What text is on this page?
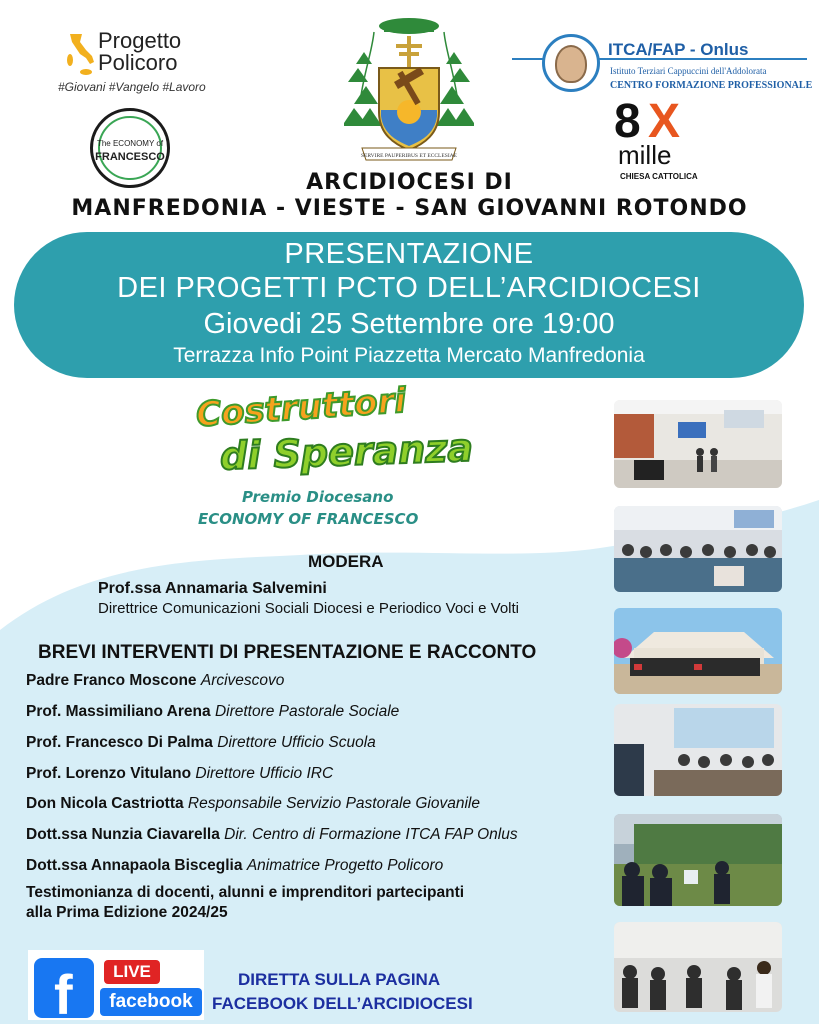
Progetto
Policoro
#Giovani #Vangelo #Lavoro
The ECONOMY of
FRANCESCO	SERVIRE PAUPERIBUS ET ECCLESIAE
ITCA/FAP - Onlus
Istituto Terziari Cappuccini dell'Addolorata
CENTRO FORMAZIONE PROFESSIONALE
8 X
mille
CHIESA CATTOLICA
ARCIDIOCESI DI
MANFREDONIA - VIESTE - SAN GIOVANNI ROTONDO
PRESENTAZIONE
DEI PROGETTI PCTO DELL’ARCIDIOCESI
Giovedi 25 Settembre ore 19:00
Terrazza Info Point Piazzetta Mercato Manfredonia
Costruttori
di Speranza
Premio Diocesano
ECONOMY OF FRANCESCO
MODERA
Prof.ssa Annamaria Salvemini
Direttrice Comunicazioni Sociali Diocesi e Periodico Voci e Volti
BREVI INTERVENTI DI PRESENTAZIONE E RACCONTO
Padre Franco Moscone Arcivescovo
Prof. Massimiliano Arena Direttore Pastorale Sociale
Prof. Francesco Di Palma Direttore Ufficio Scuola
Prof. Lorenzo Vitulano Direttore Ufficio IRC
Don Nicola Castriotta Responsabile Servizio Pastorale Giovanile
Dott.ssa Nunzia Ciavarella Dir. Centro di Formazione ITCA FAP Onlus
Dott.ssa Annapaola Bisceglia Animatrice Progetto Policoro
Testimonianza di docenti, alunni e imprenditori partecipanti
alla Prima Edizione 2024/25
f	LIVE
facebook
DIRETTA SULLA PAGINA
FACEBOOK DELL’ARCIDIOCESI
